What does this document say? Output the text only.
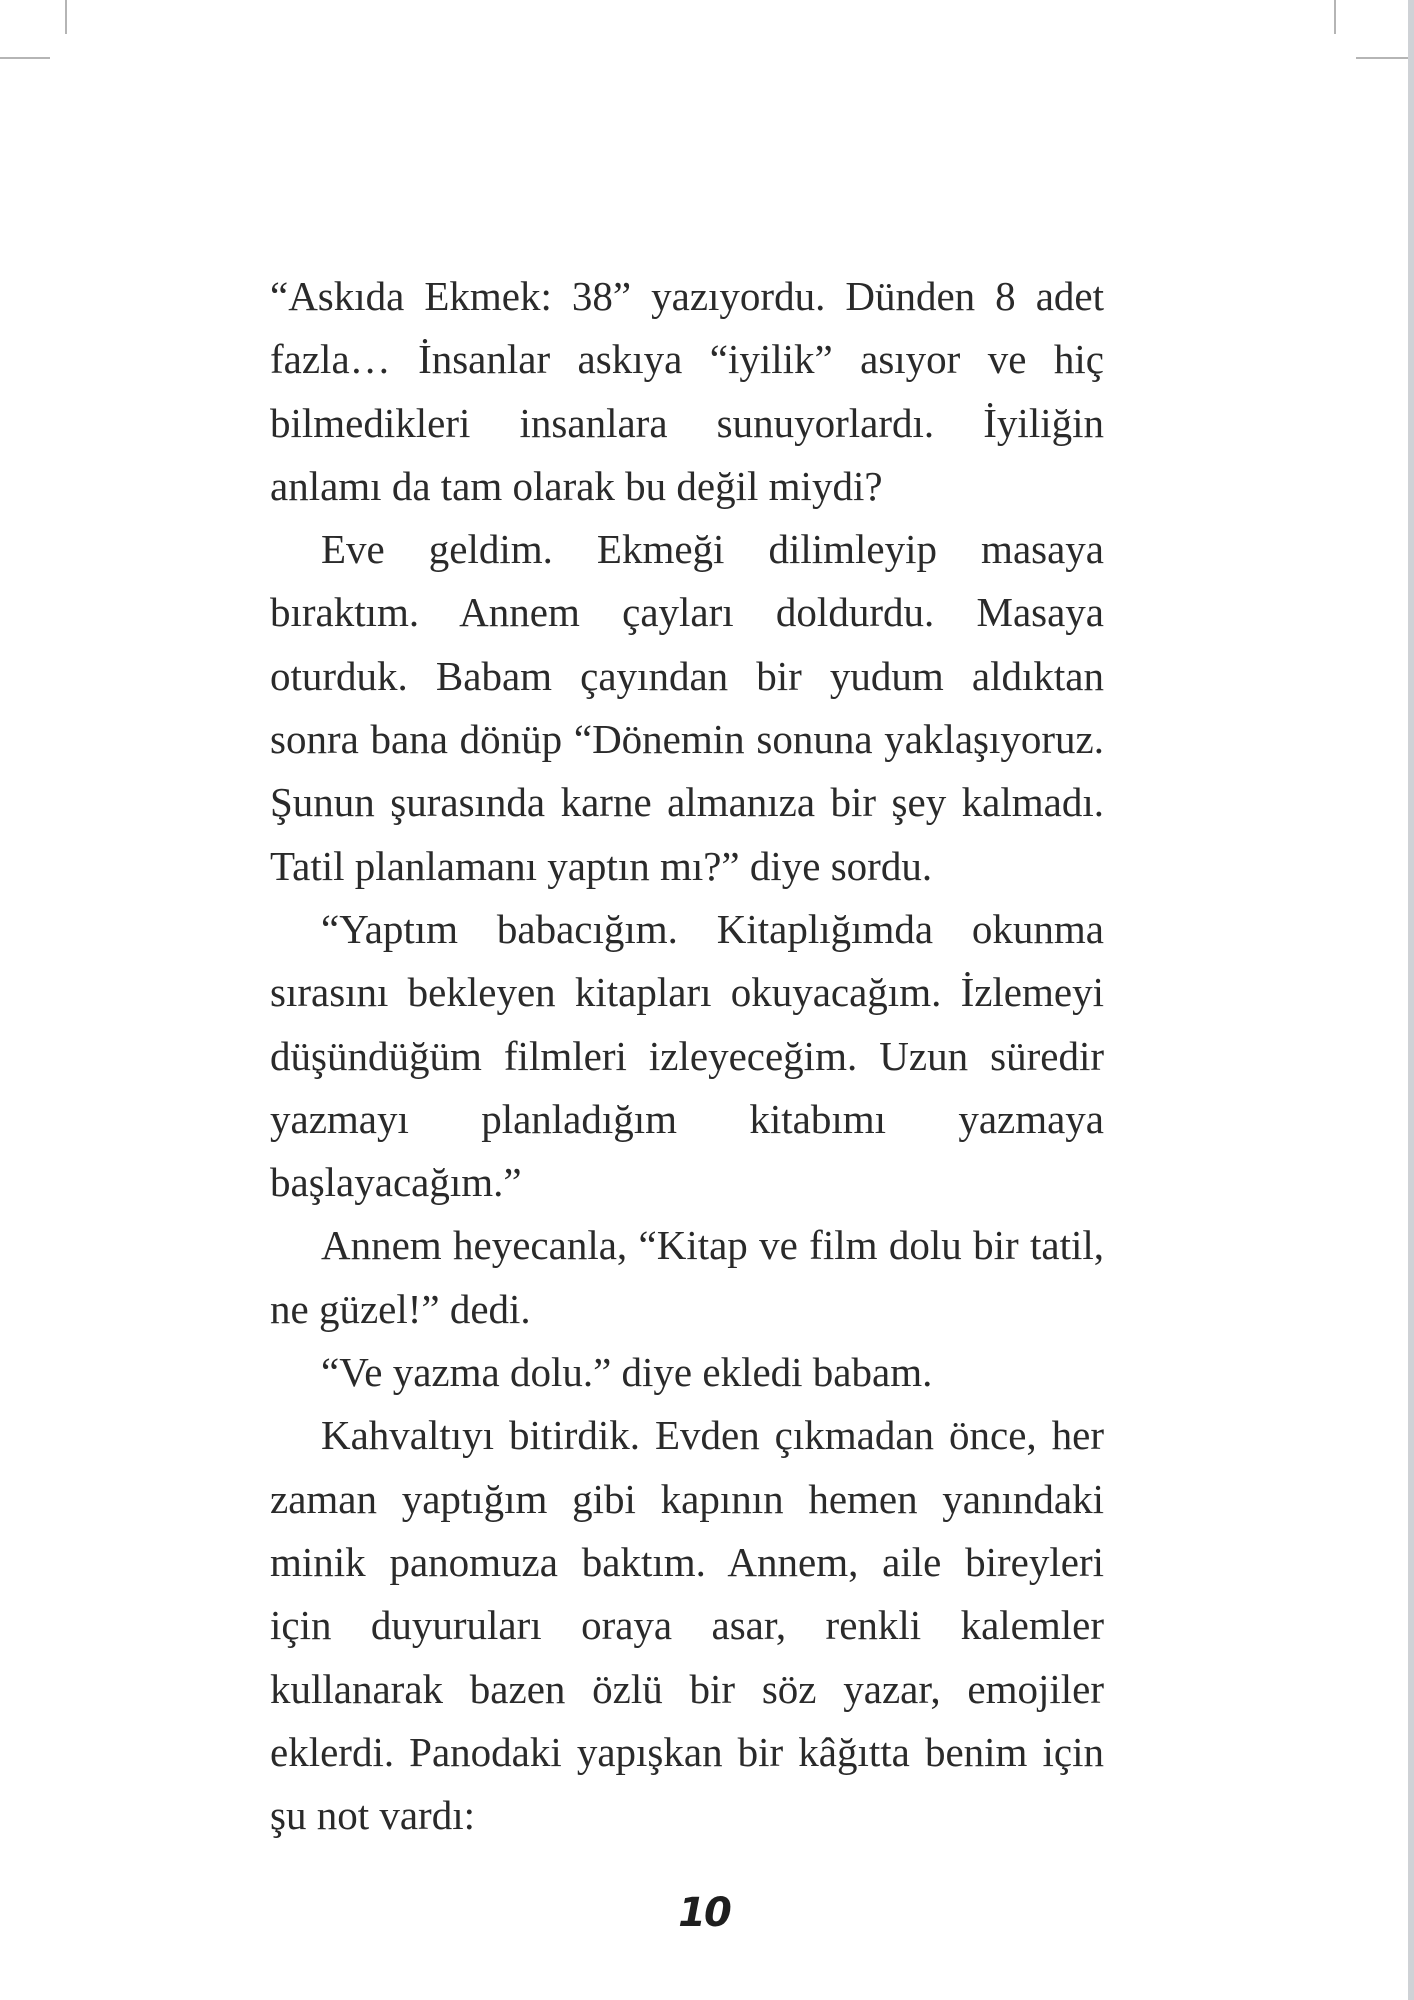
“Askıda Ekmek: 38” yazıyordu. Dünden 8 adet fazla… İnsanlar askıya “iyilik” asıyor ve hiç bilmedikleri insanlara sunuyorlardı. İyiliğin anlamı da tam olarak bu değil miydi?

Eve geldim. Ekmeği dilimleyip masaya bıraktım. Annem çayları doldurdu. Masaya oturduk. Babam çayından bir yudum aldıktan sonra bana dönüp “Dönemin sonuna yaklaşıyoruz. Şunun şurasında karne almanıza bir şey kalmadı. Tatil planlamanı yaptın mı?” diye sordu.

“Yaptım babacığım. Kitaplığımda okunma sırasını bekleyen kitapları okuyacağım. İzlemeyi düşündüğüm filmleri izleyeceğim. Uzun süredir yazmayı planladığım kitabımı yazmaya başlayacağım.”

Annem heyecanla, “Kitap ve film dolu bir tatil, ne güzel!” dedi.

“Ve yazma dolu.” diye ekledi babam.

Kahvaltıyı bitirdik. Evden çıkmadan önce, her zaman yaptığım gibi kapının hemen yanındaki minik panomuza baktım. Annem, aile bireyleri için duyuruları oraya asar, renkli kalemler kullanarak bazen özlü bir söz yazar, emojiler eklerdi. Panodaki yapışkan bir kâğıtta benim için şu not vardı:

10
